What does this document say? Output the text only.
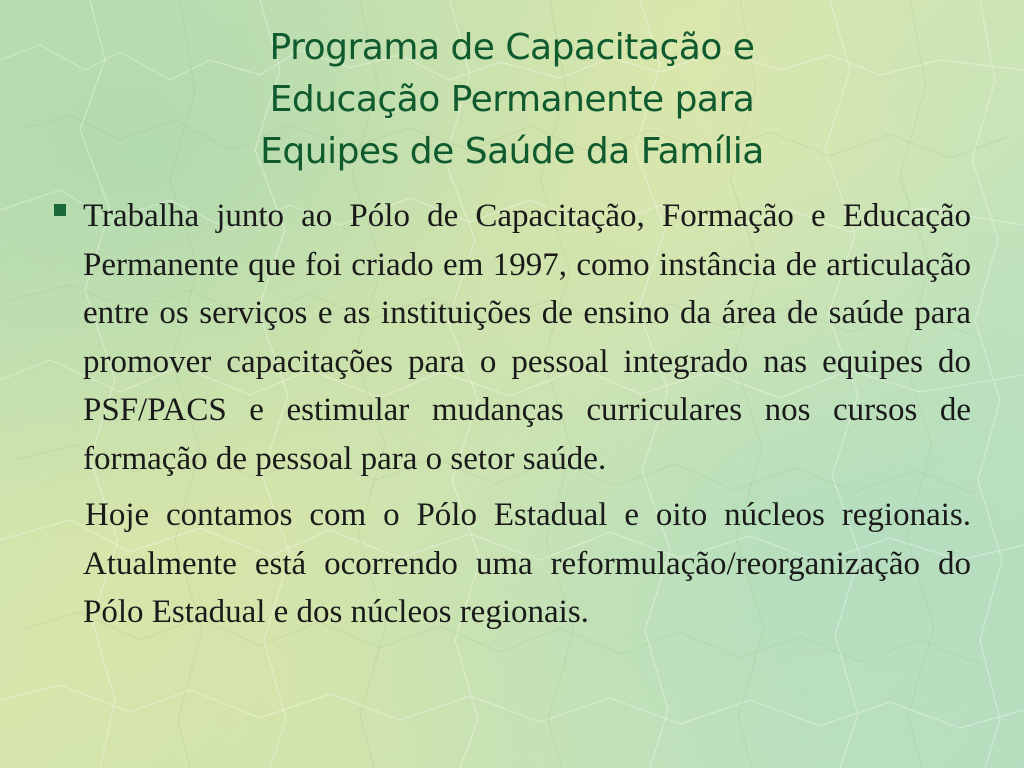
Programa de Capacitação e
Educação Permanente para
Equipes de Saúde da Família

Trabalha junto ao Pólo de Capacitação, Formação e Educação Permanente que foi criado em 1997, como instância de articulação entre os serviços e as instituições de ensino da área de saúde para promover capacitações para o pessoal integrado nas equipes do PSF/PACS e estimular mudanças curriculares nos cursos de formação de pessoal para o setor saúde.

Hoje contamos com o Pólo Estadual e oito núcleos regionais. Atualmente está ocorrendo uma reformulação/reorganização do Pólo Estadual e dos núcleos regionais.
